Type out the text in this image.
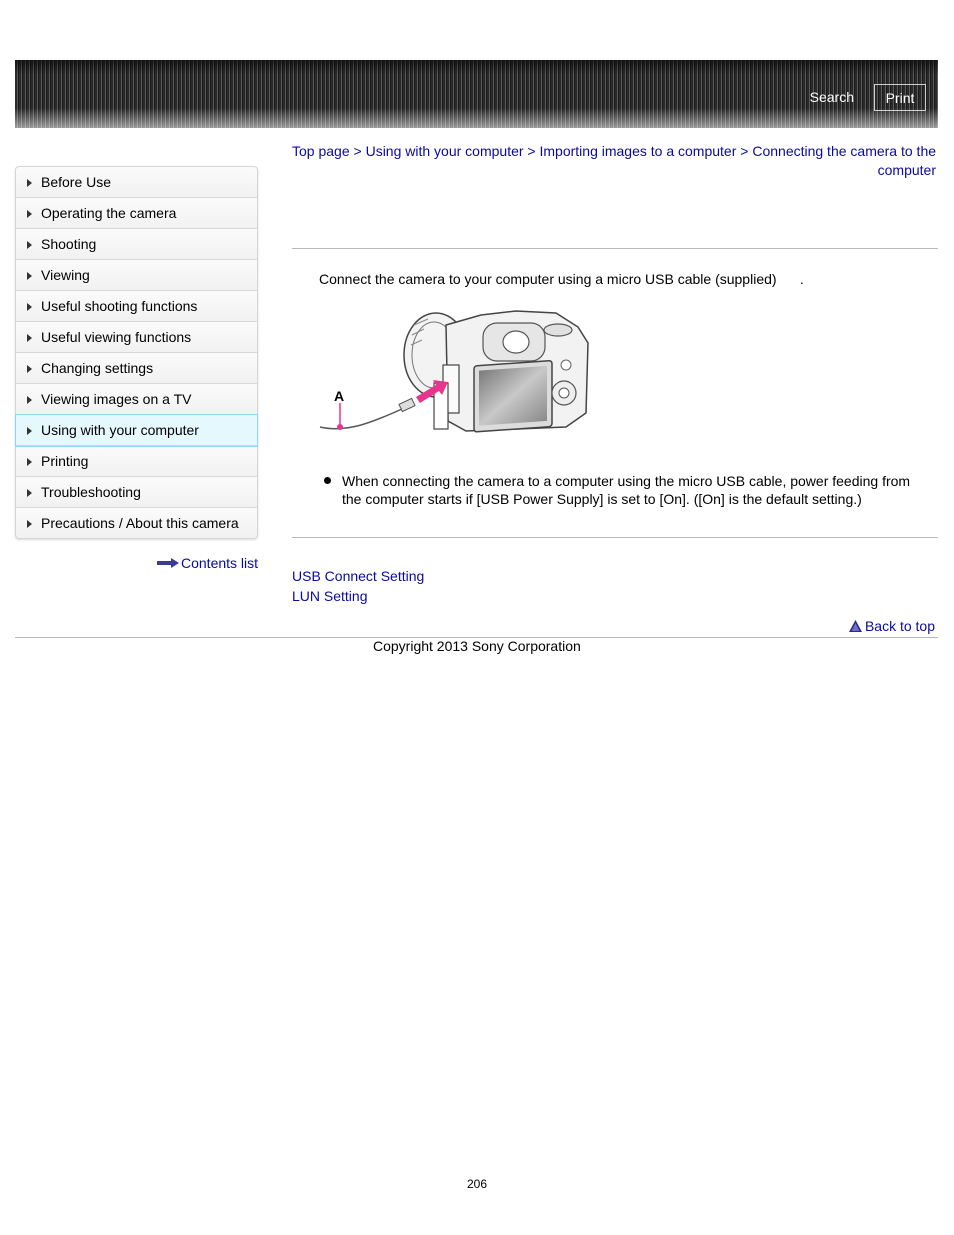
Search	Print
Before Use
Operating the camera
Shooting
Viewing
Useful shooting functions
Useful viewing functions
Changing settings
Viewing images on a TV
Using with your computer
Printing
Troubleshooting
Precautions / About this camera
Contents list
Top page > Using with your computer > Importing images to a computer > Connecting the camera to the computer
Connect the camera to your computer using a micro USB cable (supplied)      .
A
When connecting the camera to a computer using the micro USB cable, power feeding from the computer starts if [USB Power Supply] is set to [On]. ([On] is the default setting.)
USB Connect Setting
LUN Setting
Back to top
Copyright 2013 Sony Corporation
206
